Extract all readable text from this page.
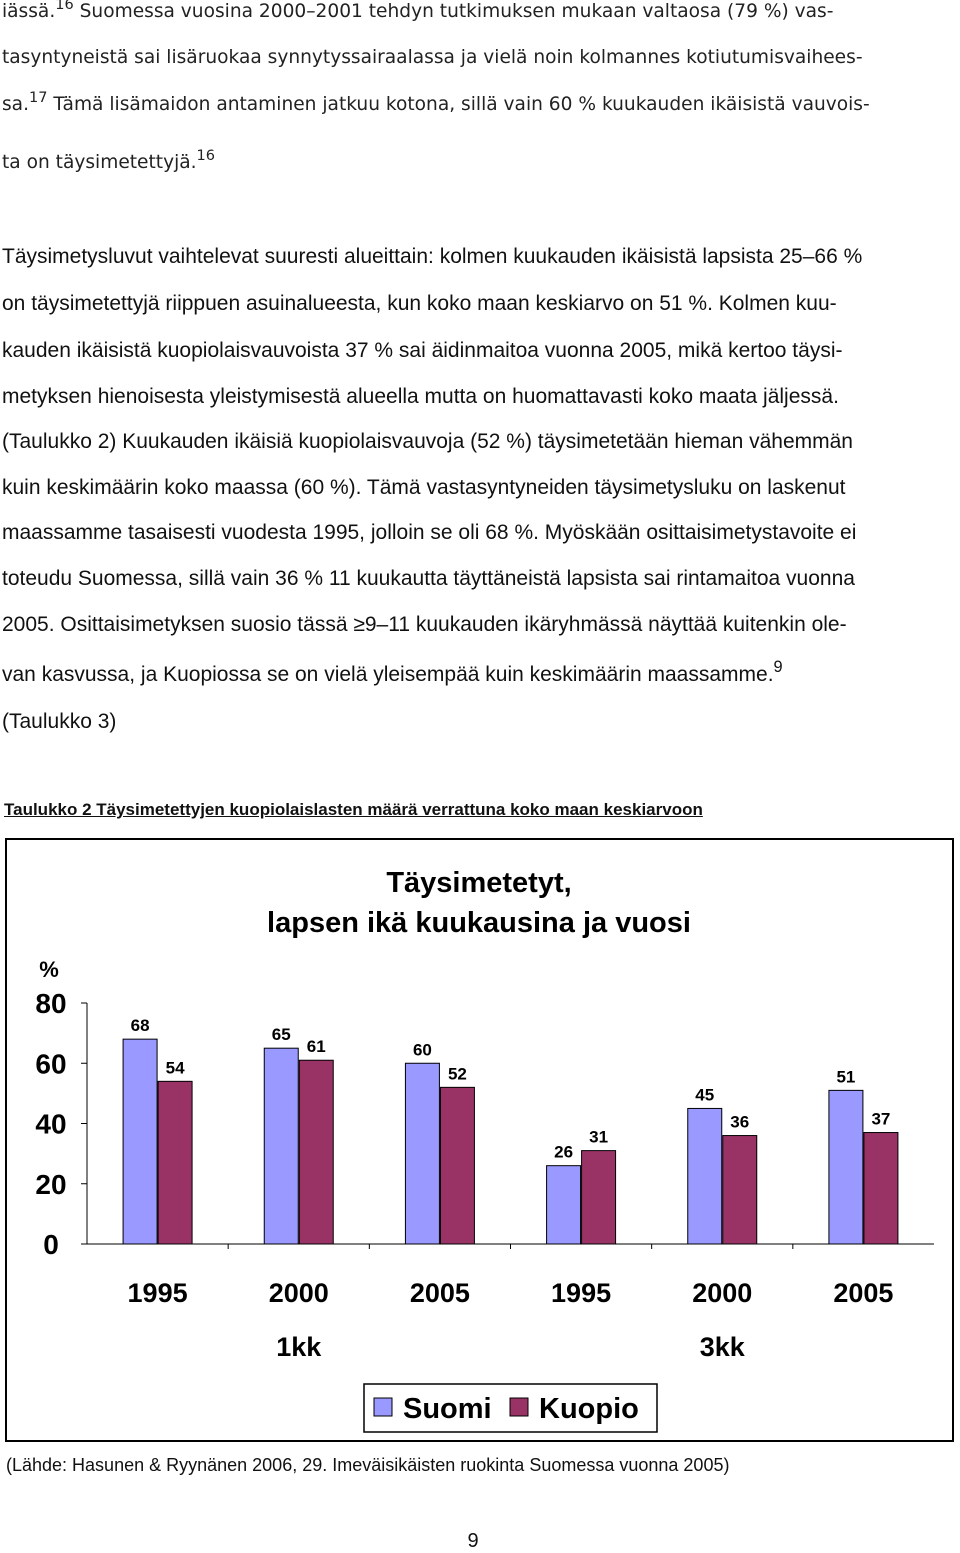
iässä.$^{16}$ Suomessa vuosina 2000–2001 tehdyn tutkimuksen mukaan valtaosa (79 %) vas-
tasyntyneistä sai lisäruokaa synnytyssairaalassa ja vielä noin kolmannes kotiutumisvaihees-
sa.$^{17}$ Tämä lisämaidon antaminen jatkuu kotona, sillä vain 60 % kuukauden ikäisistä vauvois-
ta on täysimetettyjä.$^{16}$
Täysimetysluvut vaihtelevat suuresti alueittain: kolmen kuukauden ikäisistä lapsista 25–66 %
on täysimetettyjä riippuen asuinalueesta, kun koko maan keskiarvo on 51 %. Kolmen kuu-
kauden ikäisistä kuopiolaisvauvoista 37 % sai äidinmaitoa vuonna 2005, mikä kertoo täysi-
metyksen hienoisesta yleistymisestä alueella mutta on huomattavasti koko maata jäljessä.
(Taulukko 2) Kuukauden ikäisiä kuopiolaisvauvoja (52 %) täysimetetään hieman vähemmän
kuin keskimäärin koko maassa (60 %). Tämä vastasyntyneiden täysimetysluku on laskenut
maassamme tasaisesti vuodesta 1995, jolloin se oli 68 %. Myöskään osittaisimetystavoite ei
toteudu Suomessa, sillä vain 36 % 11 kuukautta täyttäneistä lapsista sai rintamaitoa vuonna
2005. Osittaisimetyksen suosio tässä ≥9–11 kuukauden ikäryhmässä näyttää kuitenkin ole-
van kasvussa, ja Kuopiossa se on vielä yleisempää kuin keskimäärin maassamme.$^9$
(Taulukko 3)
Taulukko 2 Täysimetettyjen kuopiolaislasten määrä verrattuna koko maan keskiarvoon
Täysimetetyt,
lapsen ikä kuukausina ja vuosi
%
0
20
40
60
80
68
54
1995
65
61
2000
60
52
2005
26
31
1995
45
36
2000
51
37
2005
1kk	3kk
Suomi Kuopio
(Lähde: Hasunen & Ryynänen 2006, 29. Imeväisikäisten ruokinta Suomessa vuonna 2005)
9
